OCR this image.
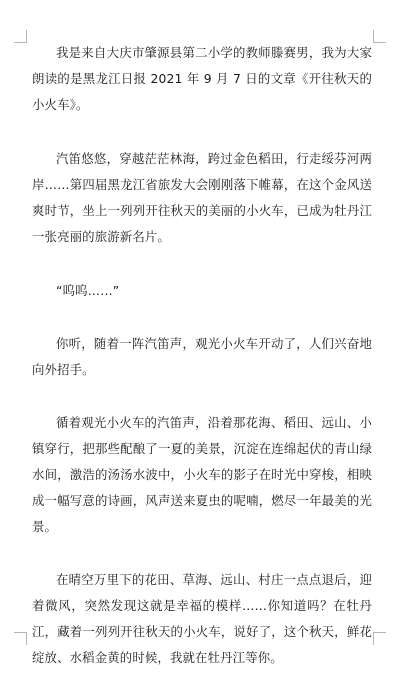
我是来自大庆市肇源县第二小学的教师滕赛男，我为大家朗读的是黑龙江日报 2021 年 9 月 7 日的文章《开往秋天的小火车》。

汽笛悠悠，穿越茫茫林海，跨过金色稻田，行走绥芬河两岸……第四届黑龙江省旅发大会刚刚落下帷幕，在这个金风送爽时节，坐上一列列开往秋天的美丽的小火车，已成为牡丹江一张亮丽的旅游新名片。

“呜呜……”

你听，随着一阵汽笛声，观光小火车开动了，人们兴奋地向外招手。

循着观光小火车的汽笛声，沿着那花海、稻田、远山、小镇穿行，把那些配酿了一夏的美景，沉淀在连绵起伏的青山绿水间，激浩的汤汤水波中，小火车的影子在时光中穿梭，相映成一幅写意的诗画，风声送来夏虫的呢喃，燃尽一年最美的光景。

在晴空万里下的花田、草海、远山、村庄一点点退后，迎着微风，突然发现这就是幸福的模样……你知道吗？在牡丹江，藏着一列列开往秋天的小火车，说好了，这个秋天，鲜花绽放、水稻金黄的时候，我就在牡丹江等你。
